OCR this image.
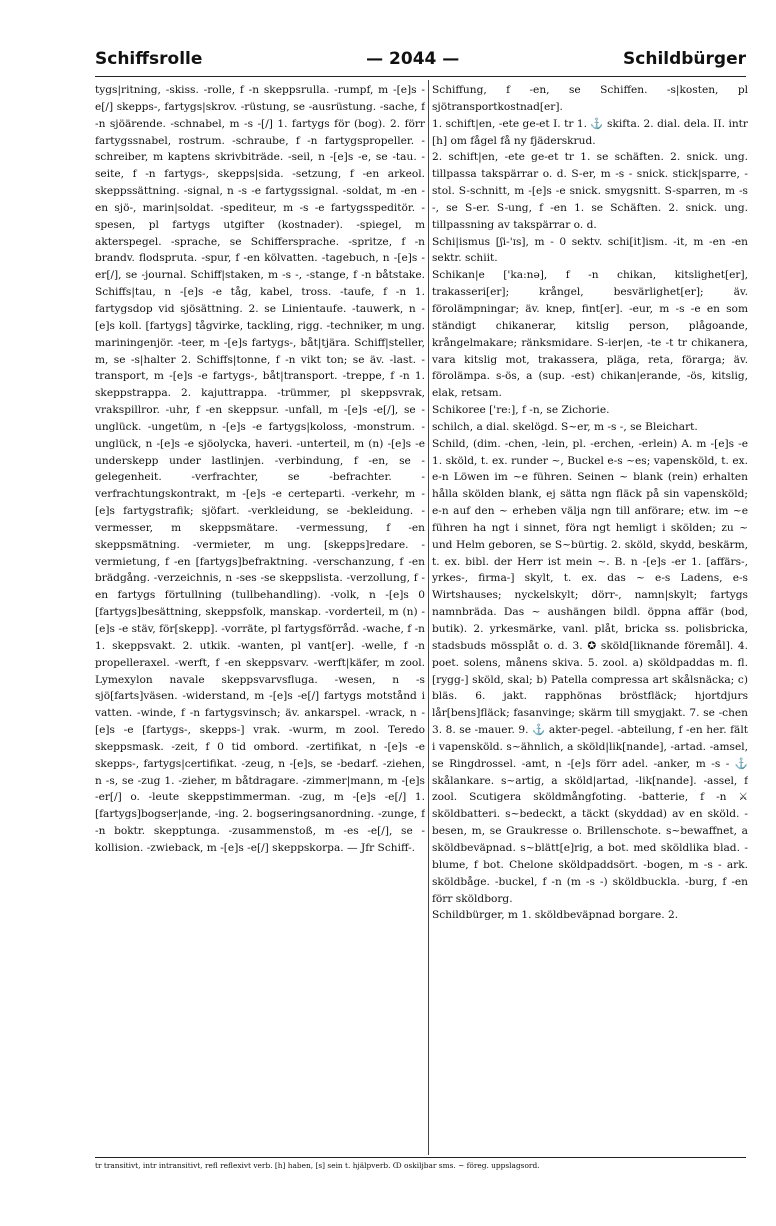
Schiffsrolle	— 2044 —	Schildbürger

tygs|ritning, -skiss. -rolle, f -n skeppsrulla. -rumpf, m -[e]s -e[/] skepps-, fartygs|skrov. -rüstung, se -ausrüstung. -sache, f -n sjöärende. -schnabel, m -s -[/] 1. fartygs för (bog). 2. förr fartygssnabel, rostrum. -schraube, f -n fartygspropeller. -schreiber, m kaptens skrivbiträde. -seil, n -[e]s -e, se -tau. -seite, f -n fartygs-, skepps|sida. -setzung, f -en arkeol. skeppssättning. -signal, n -s -e fartygssignal. -soldat, m -en -en sjö-, marin|soldat. -spediteur, m -s -e fartygsspeditör. -spesen, pl fartygs utgifter (kostnader). -spiegel, m akterspegel. -sprache, se Schiffersprache. -spritze, f -n brandv. flodspruta. -spur, f -en kölvatten. -tagebuch, n -[e]s -er[/], se -journal. Schiff|staken, m -s -, -stange, f -n båtstake. Schiffs|tau, n -[e]s -e tåg, kabel, tross. -taufe, f -n 1. fartygsdop vid sjösättning. 2. se Linientaufe. -tauwerk, n -[e]s koll. [fartygs] tågvirke, tackling, rigg. -techniker, m ung. mariningenjör. -teer, m -[e]s fartygs-, båt|tjära. Schiff|steller, m, se -s|halter 2. Schiffs|tonne, f -n vikt ton; se äv. -last. -transport, m -[e]s -e fartygs-, båt|transport. -treppe, f -n 1. skeppstrappa. 2. kajuttrappa. -trümmer, pl skeppsvrak, vrakspillror. -uhr, f -en skeppsur. -unfall, m -[e]s -e[/], se -unglück. -ungetüm, n -[e]s -e fartygs|koloss, -monstrum. -unglück, n -[e]s -e sjöolycka, haveri. -unterteil, m (n) -[e]s -e underskepp under lastlinjen. -verbindung, f -en, se -gelegenheit. -verfrachter, se -befrachter. -verfrachtungskontrakt, m -[e]s -e certeparti. -verkehr, m -[e]s fartygstrafik; sjöfart. -verkleidung, se -bekleidung. -vermesser, m skeppsmätare. -vermessung, f -en skeppsmätning. -vermieter, m ung. [skepps]redare. -vermietung, f -en [fartygs]befraktning. -verschanzung, f -en brädgång. -verzeichnis, n -ses -se skeppslista. -verzollung, f -en fartygs förtullning (tullbehandling). -volk, n -[e]s 0 [fartygs]besättning, skeppsfolk, manskap. -vorderteil, m (n) -[e]s -e stäv, för[skepp]. -vorräte, pl fartygsförråd. -wache, f -n 1. skeppsvakt. 2. utkik. -wanten, pl vant[er]. -welle, f -n propelleraxel. -werft, f -en skeppsvarv. -werft|käfer, m zool. Lymexylon navale skeppsvarvsfluga. -wesen, n -s sjö[farts]väsen. -widerstand, m -[e]s -e[/] fartygs motstånd i vatten. -winde, f -n fartygsvinsch; äv. ankarspel. -wrack, n -[e]s -e [fartygs-, skepps-] vrak. -wurm, m zool. Teredo skeppsmask. -zeit, f 0 tid ombord. -zertifikat, n -[e]s -e skepps-, fartygs|certifikat. -zeug, n -[e]s, se -bedarf. -ziehen, n -s, se -zug 1. -zieher, m båtdragare. -zimmer|mann, m -[e]s -er[/] o. -leute skeppstimmerman. -zug, m -[e]s -e[/] 1. [fartygs]bogser|ande, -ing. 2. bogseringsanordning. -zunge, f -n boktr. skepptunga. -zusammenstoß, m -es -e[/], se -kollision. -zwieback, m -[e]s -e[/] skeppskorpa. — Jfr Schiff-.

Schiffung, f -en, se Schiffen. -s|kosten, pl sjötransportkostnad[er].

1. schift|en, -ete ge-et I. tr 1. ⚓ skifta. 2. dial. dela. II. intr [h] om fågel få ny fjäderskrud.

2. schift|en, -ete ge-et tr 1. se schäften. 2. snick. ung. tillpassa takspärrar o. d. S-er, m -s - snick. stick|sparre, -stol. S-schnitt, m -[e]s -e snick. smygsnitt. S-sparren, m -s -, se S-er. S-ung, f -en 1. se Schäften. 2. snick. ung. tillpassning av takspärrar o. d.

Schi|ismus [ʃi-'ɪs], m - 0 sektv. schi[it]ism. -it, m -en -en sektr. schiit.

Schikan|e ['ka:nə], f -n chikan, kitslighet[er], trakasseri[er]; krångel, besvärlighet[er]; äv. förolämpningar; äv. knep, fint[er]. -eur, m -s -e en som ständigt chikanerar, kitslig person, plågoande, krångelmakare; ränksmidare. S-ier|en, -te -t tr chikanera, vara kitslig mot, trakassera, pläga, reta, förarga; äv. förolämpa. s-ös, a (sup. -est) chikan|erande, -ös, kitslig, elak, retsam.

Schikoree ['re:], f -n, se Zichorie.

schilch, a dial. skelögd. S~er, m -s -, se Bleichart.

Schild, (dim. -chen, -lein, pl. -erchen, -erlein) A. m -[e]s -e 1. sköld, t. ex. runder ~, Buckel e-s ~es; vapensköld, t. ex. e-n Löwen im ~e führen. Seinen ~ blank (rein) erhalten hålla skölden blank, ej sätta ngn fläck på sin vapensköld; e-n auf den ~ erheben välja ngn till anförare; etw. im ~e führen ha ngt i sinnet, föra ngt hemligt i skölden; zu ~ und Helm geboren, se S~bürtig. 2. sköld, skydd, beskärm, t. ex. bibl. der Herr ist mein ~. B. n -[e]s -er 1. [affärs-, yrkes-, firma-] skylt, t. ex. das ~ e-s Ladens, e-s Wirtshauses; nyckelskylt; dörr-, namn|skylt; fartygs namnbräda. Das ~ aushängen bildl. öppna affär (bod, butik). 2. yrkesmärke, vanl. plåt, bricka ss. polisbricka, stadsbuds mössplåt o. d. 3. ✪ sköld[liknande föremål]. 4. poet. solens, månens skiva. 5. zool. a) sköldpaddas m. fl. [rygg-] sköld, skal; b) Patella compressa art skålsnäcka; c) bläs. 6. jakt. rapphönas bröstfläck; hjortdjurs lår[bens]fläck; fasanvinge; skärm till smygjakt. 7. se -chen 3. 8. se -mauer. 9. ⚓ akter-pegel. -abteilung, f -en her. fält i vapensköld. s~ähnlich, a sköld|lik[nande], -artad. -amsel, se Ringdrossel. -amt, n -[e]s förr adel. -anker, m -s - ⚓ skålankare. s~artig, a sköld|artad, -lik[nande]. -assel, f zool. Scutigera sköldmångfoting. -batterie, f -n ⚔ sköldbatteri. s~bedeckt, a täckt (skyddad) av en sköld. -besen, m, se Graukresse o. Brillenschote. s~bewaffnet, a sköldbeväpnad. s~blätt[e]rig, a bot. med sköldlika blad. -blume, f bot. Chelone sköldpaddsört. -bogen, m -s - ark. sköldbåge. -buckel, f -n (m -s -) sköldbuckla. -burg, f -en förr sköldborg.

Schildbürger, m 1. sköldbeväpnad borgare. 2.

tr transitivt, intr intransitivt, refl reflexivt verb. [h] haben, [s] sein t. hjälpverb. ↀ oskiljbar sms. ~ föreg. uppslagsord.
